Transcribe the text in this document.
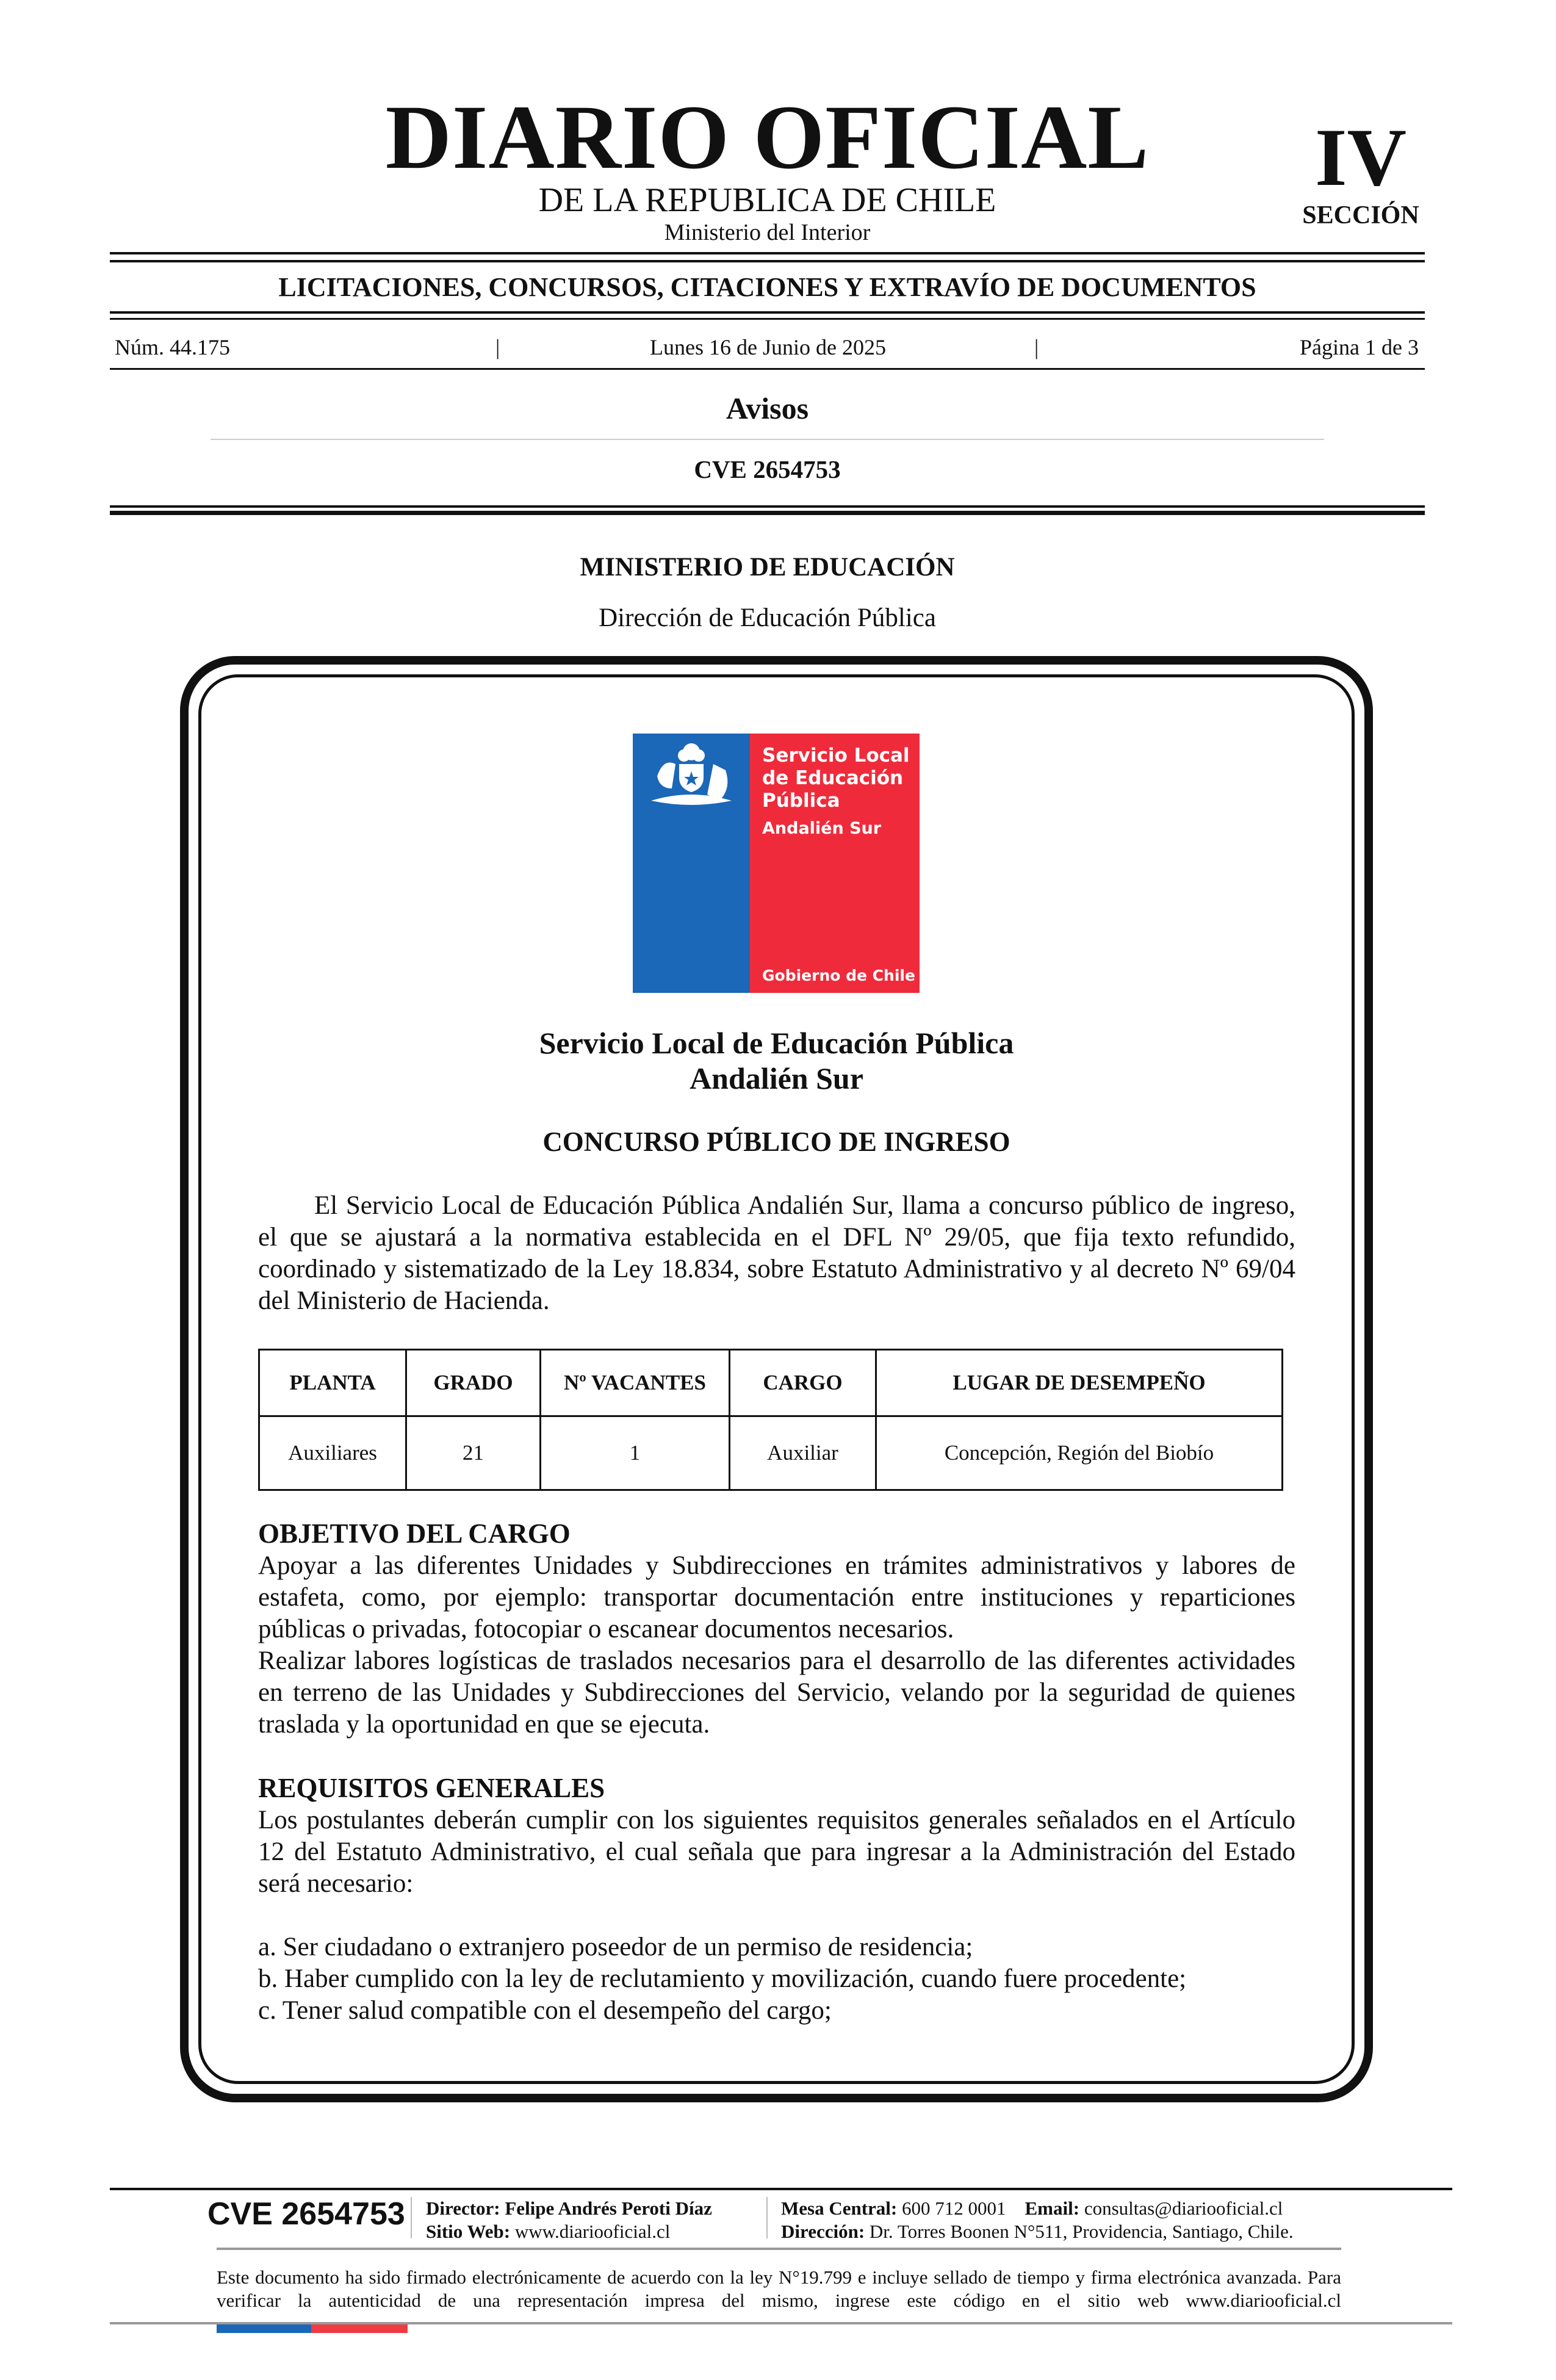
DIARIO OFICIAL
DE LA REPUBLICA DE CHILE
Ministerio del Interior
IV
SECCIÓN
LICITACIONES, CONCURSOS, CITACIONES Y EXTRAVÍO DE DOCUMENTOS
Núm. 44.175	|	Lunes 16 de Junio de 2025	|	Página 1 de 3
Avisos
CVE 2654753
MINISTERIO DE EDUCACIÓN
Dirección de Educación Pública
Servicio Local
de Educación
Pública
Andalién Sur
Gobierno de Chile
Servicio Local de Educación Pública
Andalién Sur
CONCURSO PÚBLICO DE INGRESO
El Servicio Local de Educación Pública Andalién Sur, llama a concurso público de ingreso, el que se ajustará a la normativa establecida en el DFL Nº 29/05, que fija texto refundido, coordinado y sistematizado de la Ley 18.834, sobre Estatuto Administrativo y al decreto Nº 69/04 del Ministerio de Hacienda.
PLANTA	GRADO	Nº VACANTES	CARGO	LUGAR DE DESEMPEÑO
Auxiliares	21	1	Auxiliar	Concepción, Región del Biobío
OBJETIVO DEL CARGO
Apoyar a las diferentes Unidades y Subdirecciones en trámites administrativos y labores de estafeta, como, por ejemplo: transportar documentación entre instituciones y reparticiones públicas o privadas, fotocopiar o escanear documentos necesarios.
Realizar labores logísticas de traslados necesarios para el desarrollo de las diferentes actividades en terreno de las Unidades y Subdirecciones del Servicio, velando por la seguridad de quienes traslada y la oportunidad en que se ejecuta.
REQUISITOS GENERALES
Los postulantes deberán cumplir con los siguientes requisitos generales señalados en el Artículo 12 del Estatuto Administrativo, el cual señala que para ingresar a la Administración del Estado será necesario:
a. Ser ciudadano o extranjero poseedor de un permiso de residencia;
b. Haber cumplido con la ley de reclutamiento y movilización, cuando fuere procedente;
c. Tener salud compatible con el desempeño del cargo;
CVE 2654753 Director: Felipe Andrés Peroti Díaz
Sitio Web: www.diariooficial.cl
Mesa Central: 600 712 0001 Email: consultas@diariooficial.cl
Dirección: Dr. Torres Boonen N°511, Providencia, Santiago, Chile.
Este documento ha sido firmado electrónicamente de acuerdo con la ley N°19.799 e incluye sellado de tiempo y firma electrónica avanzada. Para verificar la autenticidad de una representación impresa del mismo, ingrese este código en el sitio web www.diariooficial.cl
